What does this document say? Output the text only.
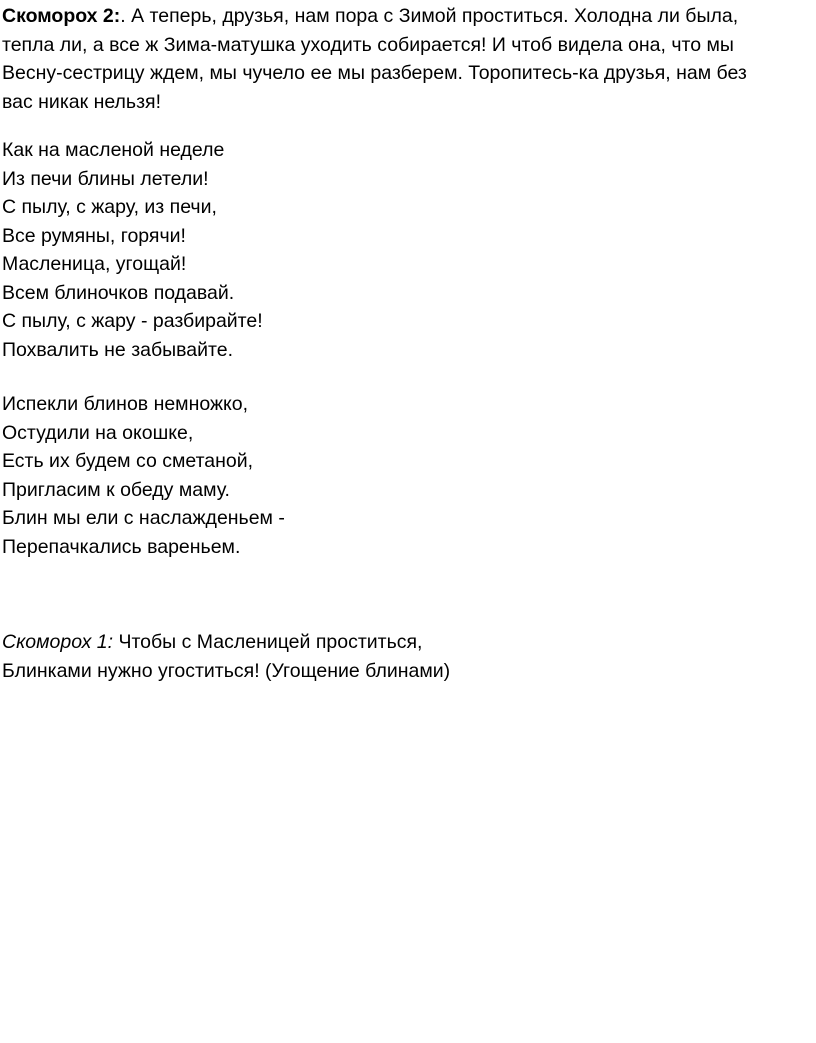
Скоморох 2:. А теперь, друзья, нам пора с Зимой проститься. Холодна ли была,
тепла ли, а все ж Зима-матушка уходить собирается! И чтоб видела она, что мы
Весну-сестрицу ждем, мы чучело ее мы разберем. Торопитесь-ка друзья, нам без
вас никак нельзя!
Как на масленой неделе
Из печи блины летели!
С пылу, с жару, из печи,
Все румяны, горячи!
Масленица, угощай!
Всем блиночков подавай.
С пылу, с жару - разбирайте!
Похвалить не забывайте.
Испекли блинов немножко,
Остудили на окошке,
Есть их будем со сметаной,
Пригласим к обеду маму.
Блин мы ели с наслажденьем -
Перепачкались вареньем.
Скоморох 1: Чтобы с Масленицей проститься,
Блинками нужно угоститься! (Угощение блинами)
